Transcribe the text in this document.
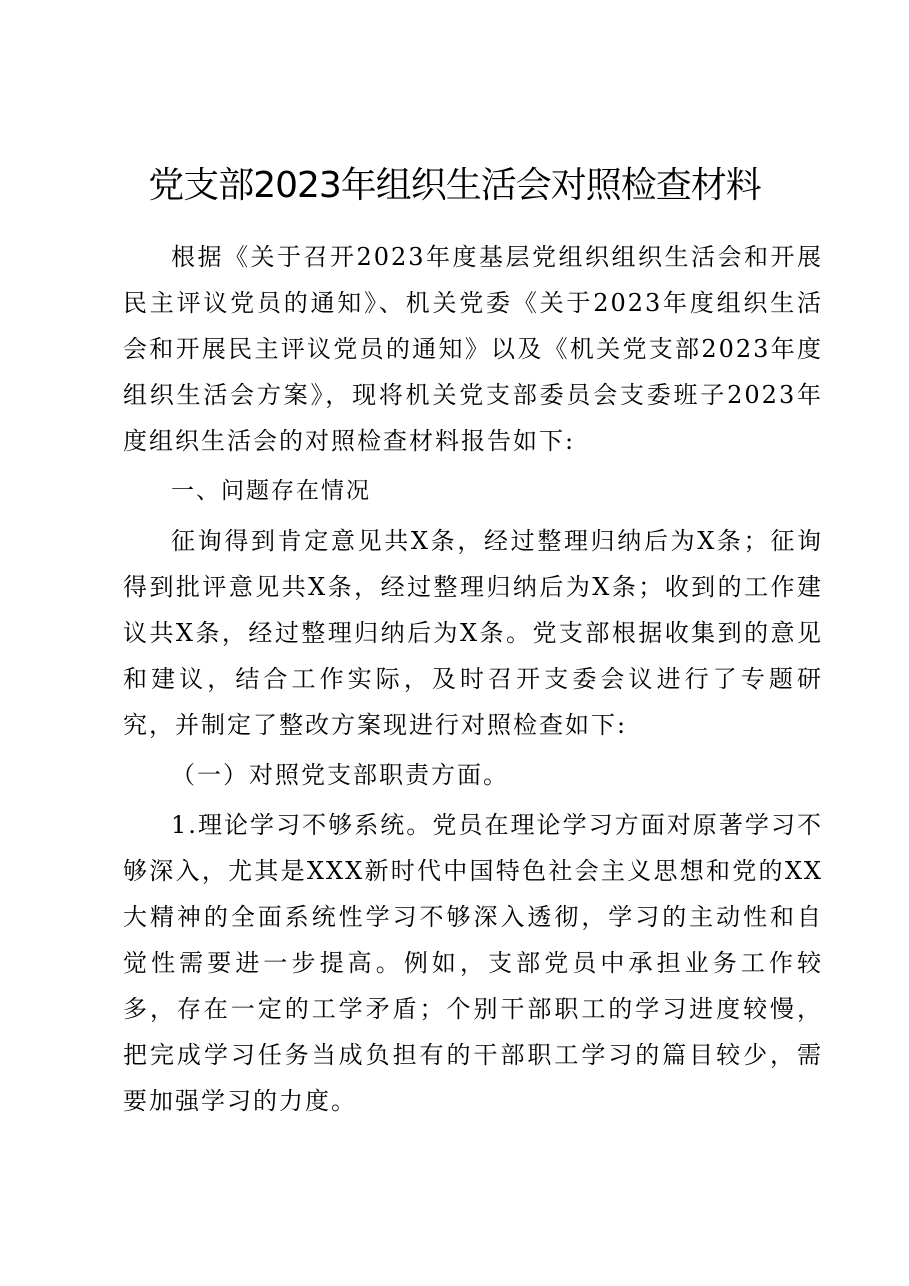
党支部2023年组织生活会对照检查材料

根据《关于召开2023年度基层党组织组织生活会和开展民主评议党员的通知》、机关党委《关于2023年度组织生活会和开展民主评议党员的通知》以及《机关党支部2023年度组织生活会方案》，现将机关党支部委员会支委班子2023年度组织生活会的对照检查材料报告如下:

一、问题存在情况

征询得到肯定意见共X条，经过整理归纳后为X条；征询得到批评意见共X条，经过整理归纳后为X条；收到的工作建议共X条，经过整理归纳后为X条。党支部根据收集到的意见和建议，结合工作实际，及时召开支委会议进行了专题研究，并制定了整改方案现进行对照检查如下:

（一）对照党支部职责方面。

1.理论学习不够系统。党员在理论学习方面对原著学习不够深入，尤其是XXX新时代中国特色社会主义思想和党的XX大精神的全面系统性学习不够深入透彻，学习的主动性和自觉性需要进一步提高。例如，支部党员中承担业务工作较多，存在一定的工学矛盾；个别干部职工的学习进度较慢，把完成学习任务当成负担有的干部职工学习的篇目较少，需要加强学习的力度。
